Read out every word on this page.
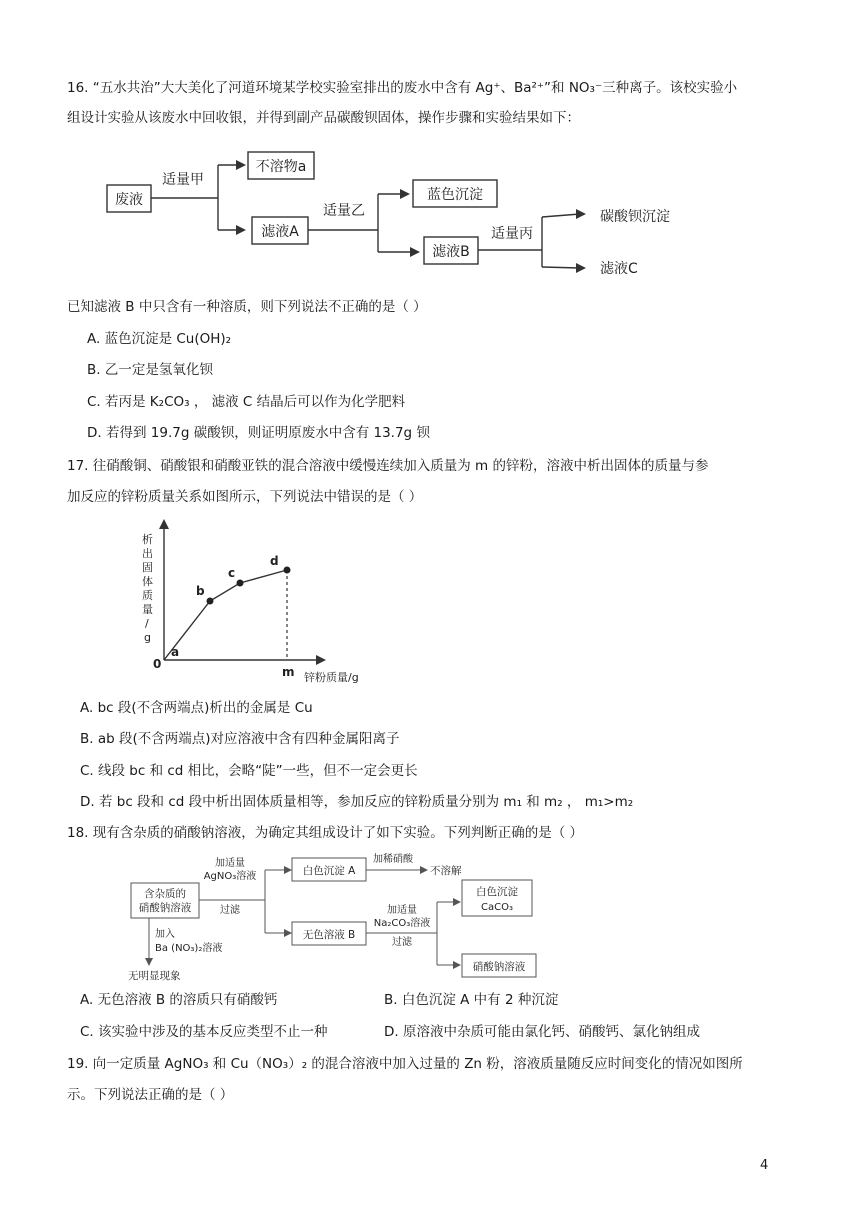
16. “五水共治”大大美化了河道环境某学校实验室排出的废水中含有 Ag⁺、Ba²⁺”和 NO₃⁻三种离子。该校实验小
组设计实验从该废水中回收银，并得到副产品碳酸钡固体，操作步骤和实验结果如下：
废液
适量甲
不溶物a
滤液A
适量乙
蓝色沉淀
滤液B
适量丙
碳酸钡沉淀
滤液C
已知滤液 B 中只含有一种溶质，则下列说法不正确的是（ ）
A. 蓝色沉淀是 Cu(OH)₂
B. 乙一定是氢氧化钡
C. 若丙是 K₂CO₃ ， 滤液 C 结晶后可以作为化学肥料
D. 若得到 19.7g 碳酸钡，则证明原废水中含有 13.7g 钡
17. 往硝酸铜、硝酸银和硝酸亚铁的混合溶液中缓慢连续加入质量为 m 的锌粉，溶液中析出固体的质量与参
加反应的锌粉质量关系如图所示，下列说法中错误的是（ ）
析
出
固
体
质
量
/
g
0
a
b
c
d
m 锌粉质量/g
A. bc 段(不含两端点)析出的金属是 Cu
B. ab 段(不含两端点)对应溶液中含有四种金属阳离子
C. 线段 bc 和 cd 相比，会略“陡”一些，但不一定会更长
D. 若 bc 段和 cd 段中析出固体质量相等，参加反应的锌粉质量分别为 m₁ 和 m₂ ， m₁>m₂
18. 现有含杂质的硝酸钠溶液，为确定其组成设计了如下实验。下列判断正确的是（ ）
含杂质的
硝酸钠溶液
加适量
AgNO₃溶液
过滤
白色沉淀 A
加稀硝酸
不溶解
无色溶液 B
加适量
Na₂CO₃溶液
过滤
白色沉淀
CaCO₃
硝酸钠溶液
加入
Ba (NO₃)₂溶液
无明显现象
A. 无色溶液 B 的溶质只有硝酸钙	B. 白色沉淀 A 中有 2 种沉淀
C. 该实验中涉及的基本反应类型不止一种	D. 原溶液中杂质可能由氯化钙、硝酸钙、氯化钠组成
19. 向一定质量 AgNO₃ 和 Cu（NO₃）₂ 的混合溶液中加入过量的 Zn 粉，溶液质量随反应时间变化的情况如图所
示。下列说法正确的是（ ）
4
